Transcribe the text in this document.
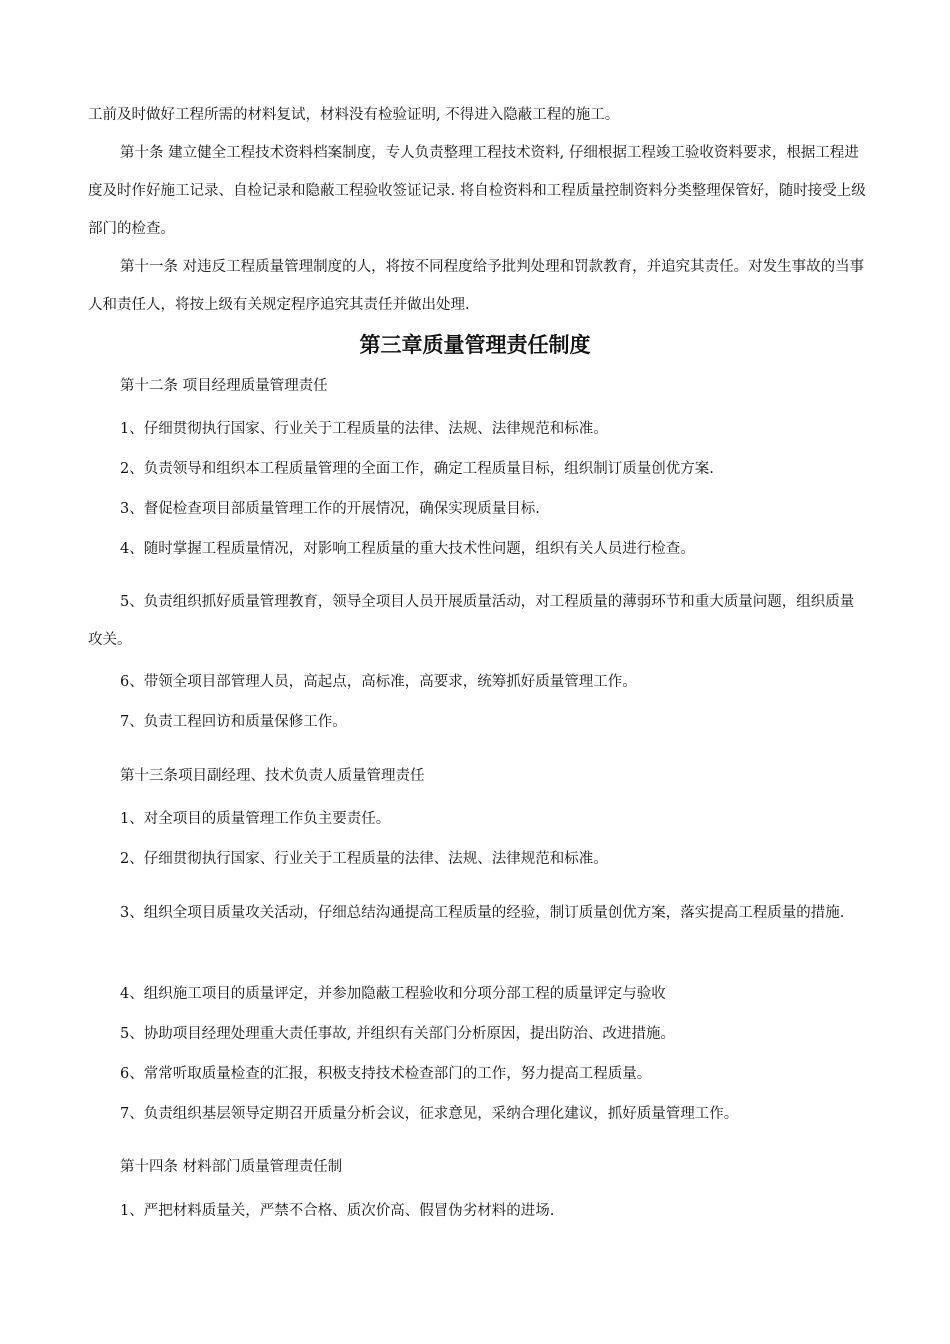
工前及时做好工程所需的材料复试，材料没有检验证明, 不得进入隐蔽工程的施工。

第十条 建立健全工程技术资料档案制度，专人负责整理工程技术资料, 仔细根据工程竣工验收资料要求，根据工程进度及时作好施工记录、自检记录和隐蔽工程验收签证记录. 将自检资料和工程质量控制资料分类整理保管好，随时接受上级部门的检查。

第十一条 对违反工程质量管理制度的人，将按不同程度给予批判处理和罚款教育，并追究其责任。对发生事故的当事人和责任人，将按上级有关规定程序追究其责任并做出处理.

第三章质量管理责任制度

第十二条 项目经理质量管理责任

1、仔细贯彻执行国家、行业关于工程质量的法律、法规、法律规范和标准。

2、负责领导和组织本工程质量管理的全面工作，确定工程质量目标，组织制订质量创优方案.

3、督促检查项目部质量管理工作的开展情况，确保实现质量目标.

4、随时掌握工程质量情况，对影响工程质量的重大技术性问题，组织有关人员进行检查。

5、负责组织抓好质量管理教育，领导全项目人员开展质量活动，对工程质量的薄弱环节和重大质量问题，组织质量攻关。

6、带领全项目部管理人员，高起点，高标准，高要求，统筹抓好质量管理工作。

7、负责工程回访和质量保修工作。

第十三条项目副经理、技术负责人质量管理责任

1、对全项目的质量管理工作负主要责任。

2、仔细贯彻执行国家、行业关于工程质量的法律、法规、法律规范和标准。

3、组织全项目质量攻关活动，仔细总结沟通提高工程质量的经验，制订质量创优方案，落实提高工程质量的措施.

4、组织施工项目的质量评定，并参加隐蔽工程验收和分项分部工程的质量评定与验收

5、协助项目经理处理重大责任事故, 并组织有关部门分析原因，提出防治、改进措施。

6、常常听取质量检查的汇报，积极支持技术检查部门的工作，努力提高工程质量。

7、负责组织基层领导定期召开质量分析会议，征求意见，采纳合理化建议，抓好质量管理工作。

第十四条 材料部门质量管理责任制

1、严把材料质量关，严禁不合格、质次价高、假冒伪劣材料的进场.
